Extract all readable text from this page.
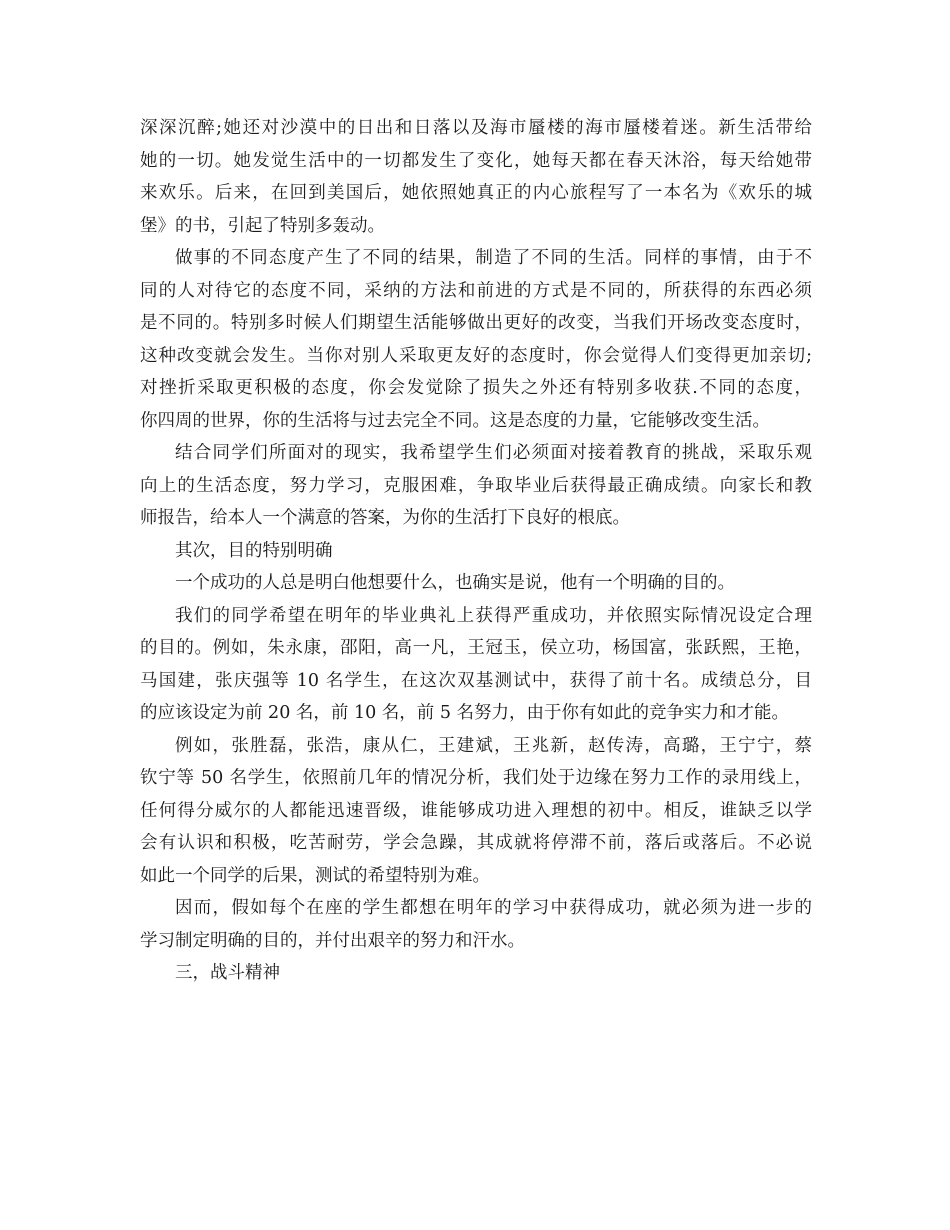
深深沉醉;她还对沙漠中的日出和日落以及海市蜃楼的海市蜃楼着迷。新生活带给
她的一切。她发觉生活中的一切都发生了变化，她每天都在春天沐浴，每天给她带
来欢乐。后来，在回到美国后，她依照她真正的内心旅程写了一本名为《欢乐的城
堡》的书，引起了特别多轰动。
做事的不同态度产生了不同的结果，制造了不同的生活。同样的事情，由于不
同的人对待它的态度不同，采纳的方法和前进的方式是不同的，所获得的东西必须
是不同的。特别多时候人们期望生活能够做出更好的改变，当我们开场改变态度时，
这种改变就会发生。当你对别人采取更友好的态度时，你会觉得人们变得更加亲切;
对挫折采取更积极的态度，你会发觉除了损失之外还有特别多收获.不同的态度，
你四周的世界，你的生活将与过去完全不同。这是态度的力量，它能够改变生活。
结合同学们所面对的现实，我希望学生们必须面对接着教育的挑战，采取乐观
向上的生活态度，努力学习，克服困难，争取毕业后获得最正确成绩。向家长和教
师报告，给本人一个满意的答案，为你的生活打下良好的根底。
其次，目的特别明确
一个成功的人总是明白他想要什么，也确实是说，他有一个明确的目的。
我们的同学希望在明年的毕业典礼上获得严重成功，并依照实际情况设定合理
的目的。例如，朱永康，邵阳，高一凡，王冠玉，侯立功，杨国富，张跃熙，王艳，
马国建，张庆强等 10 名学生，在这次双基测试中，获得了前十名。成绩总分，目
的应该设定为前 20 名，前 10 名，前 5 名努力，由于你有如此的竞争实力和才能。
例如，张胜磊，张浩，康从仁，王建斌，王兆新，赵传涛，高璐，王宁宁，蔡
钦宁等 50 名学生，依照前几年的情况分析，我们处于边缘在努力工作的录用线上，
任何得分威尔的人都能迅速晋级，谁能够成功进入理想的初中。相反，谁缺乏以学
会有认识和积极，吃苦耐劳，学会急躁，其成就将停滞不前，落后或落后。不必说
如此一个同学的后果，测试的希望特别为难。
因而，假如每个在座的学生都想在明年的学习中获得成功，就必须为进一步的
学习制定明确的目的，并付出艰辛的努力和汗水。
三，战斗精神
